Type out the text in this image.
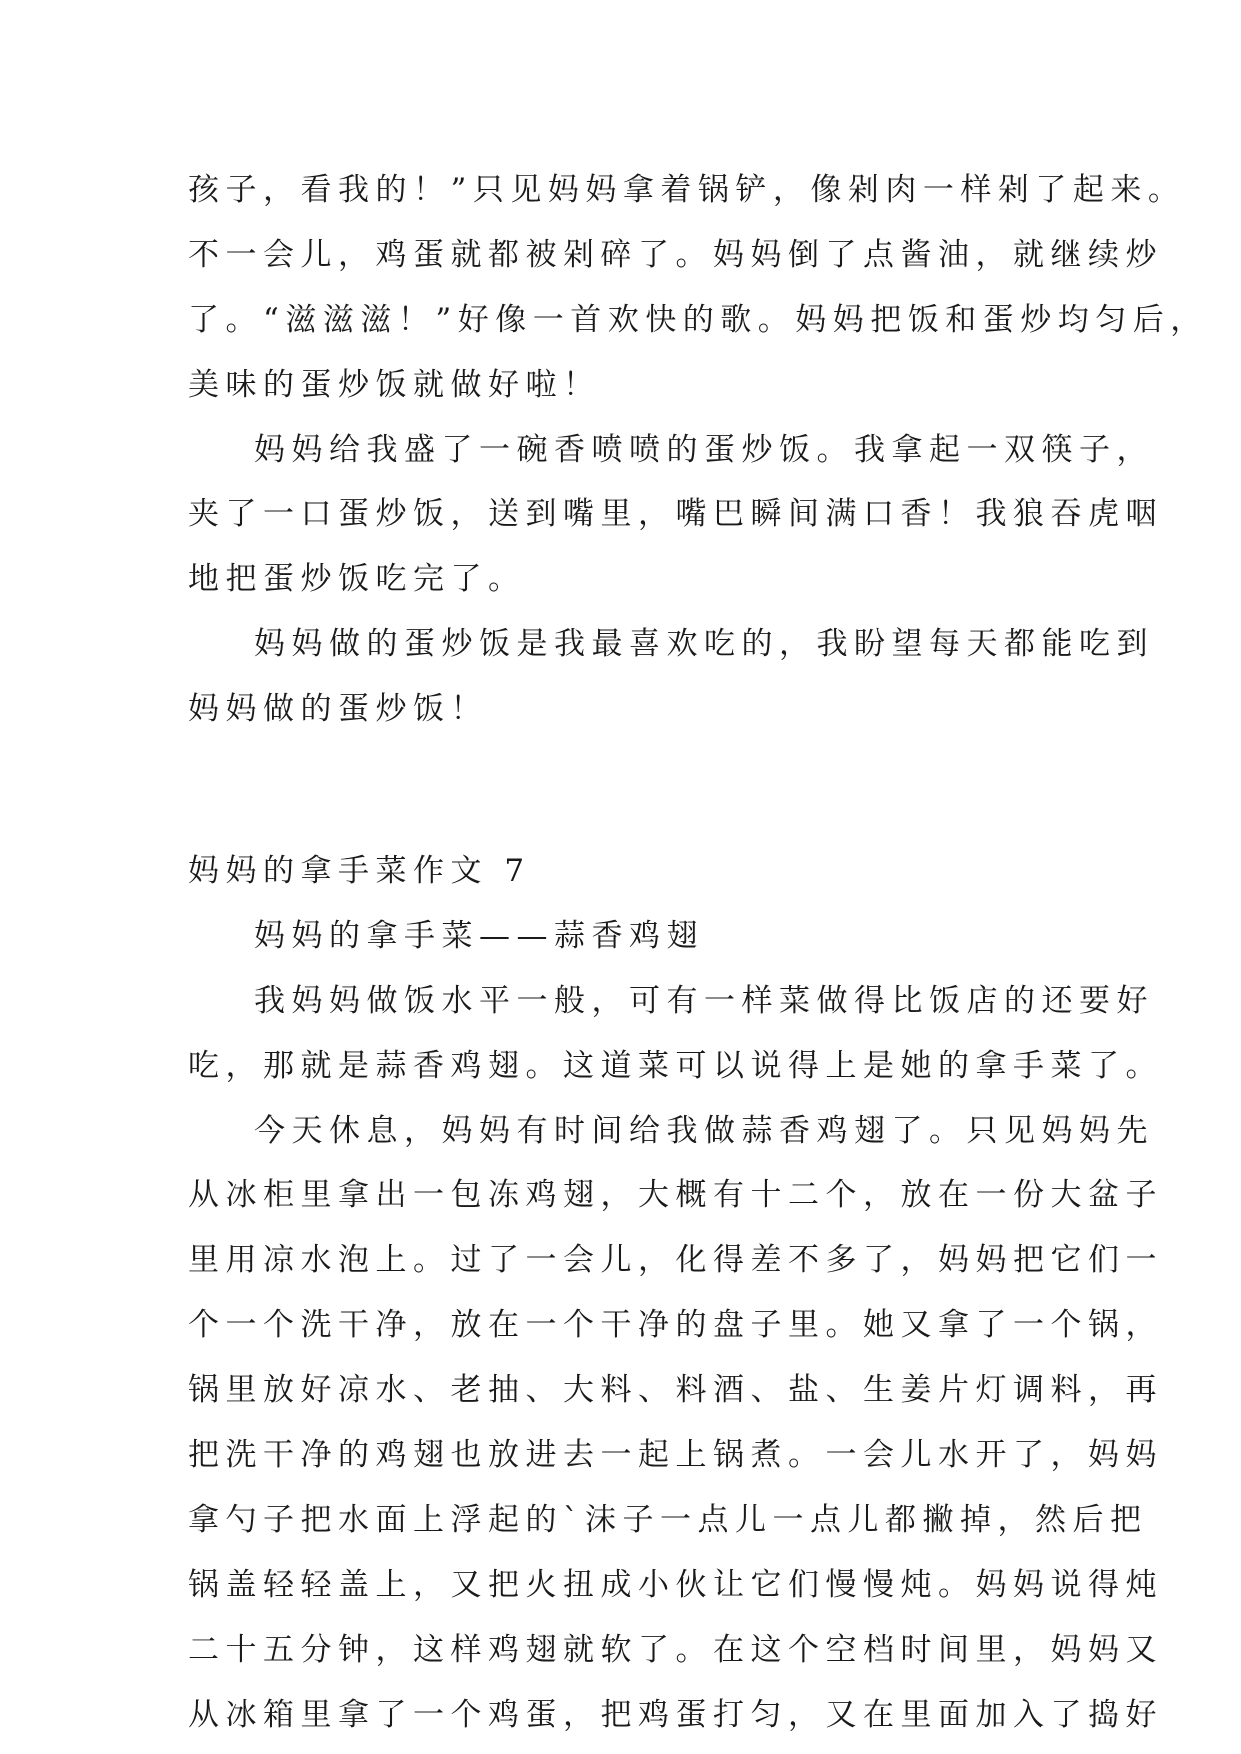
孩子，看我的！”只见妈妈拿着锅铲，像剁肉一样剁了起来。
不一会儿，鸡蛋就都被剁碎了。妈妈倒了点酱油，就继续炒
了。“滋滋滋！”好像一首欢快的歌。妈妈把饭和蛋炒均匀后，
美味的蛋炒饭就做好啦！
妈妈给我盛了一碗香喷喷的蛋炒饭。我拿起一双筷子，
夹了一口蛋炒饭，送到嘴里，嘴巴瞬间满口香！我狼吞虎咽
地把蛋炒饭吃完了。
妈妈做的蛋炒饭是我最喜欢吃的，我盼望每天都能吃到
妈妈做的蛋炒饭！
妈妈的拿手菜作文 7
妈妈的拿手菜——蒜香鸡翅
我妈妈做饭水平一般，可有一样菜做得比饭店的还要好
吃，那就是蒜香鸡翅。这道菜可以说得上是她的拿手菜了。
今天休息，妈妈有时间给我做蒜香鸡翅了。只见妈妈先
从冰柜里拿出一包冻鸡翅，大概有十二个，放在一份大盆子
里用凉水泡上。过了一会儿，化得差不多了，妈妈把它们一
个一个洗干净，放在一个干净的盘子里。她又拿了一个锅，
锅里放好凉水、老抽、大料、料酒、盐、生姜片灯调料，再
把洗干净的鸡翅也放进去一起上锅煮。一会儿水开了，妈妈
拿勺子把水面上浮起的`沫子一点儿一点儿都撇掉，然后把
锅盖轻轻盖上，又把火扭成小伙让它们慢慢炖。妈妈说得炖
二十五分钟，这样鸡翅就软了。在这个空档时间里，妈妈又
从冰箱里拿了一个鸡蛋，把鸡蛋打匀，又在里面加入了捣好
